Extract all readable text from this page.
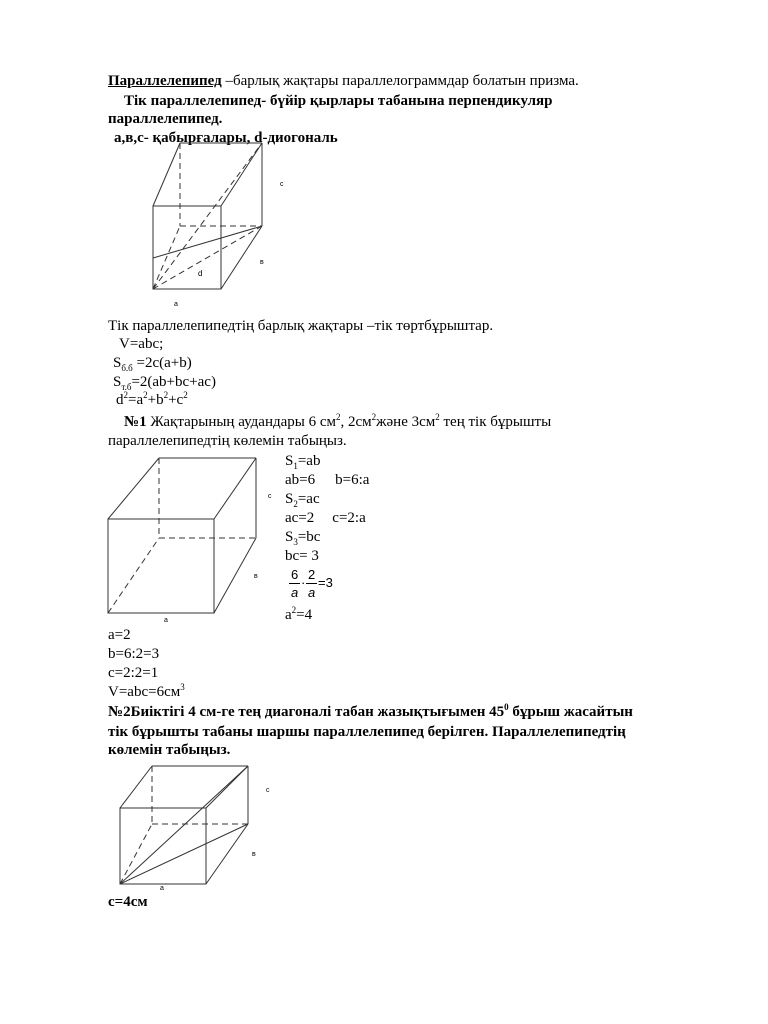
Параллелепипед –барлық жақтары параллелограммдар болатын призма.
Тік параллелепипед- бүйір қырлары табанына перпендикуляр
параллелепипед.
а,в,с- қабырғалары, d-диогональ
c
в
d
a
Тік параллелепипедтің барлық жақтары –тік төртбұрыштар.
V=abc;
$S_{б.б} =2c(a+b)$
$S_{т.б}=2(ab+bc+ac)$
$d^2=a^2+b^2+c^2$
№1 Жақтарының аудандары 6 $см^2$, $2см^2және$ $3см^2$ тең тік бұрышты
параллелепипедтің көлемін табыңыз.
c
в
a
$S_1=ab$
ab=6 b=6:a
$S_2=ac$
ac=2 c=2:a
$S_3=bc$
bc= 3
6
a
·
2
a
=3
$a^2=4$
a=2
b=6:2=3
c=2:2=1
$V=abc=6см^3$
№2Биіктігі 4 см-ге тең диагоналі табан жазықтығымен $45^0$ бұрыш жасайтын
тік бұрышты табаны шаршы параллелепипед берілген. Параллелепипедтің
көлемін табыңыз.
c
в
a
c=4см
